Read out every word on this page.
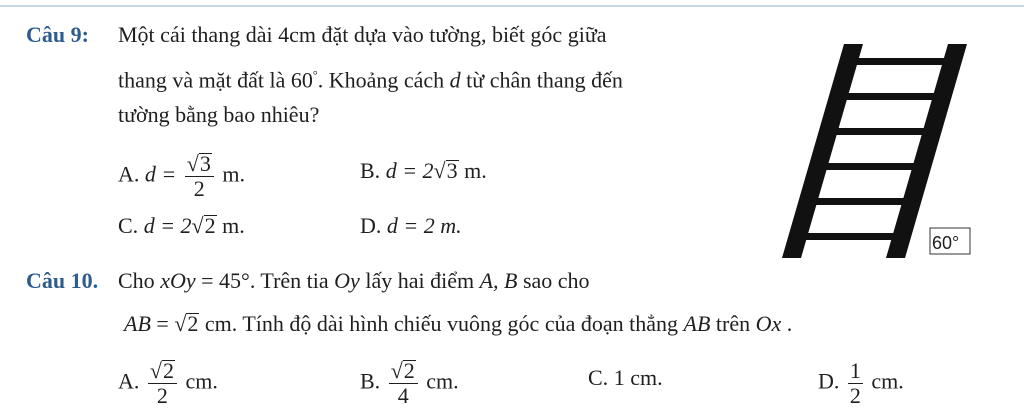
Câu 9: Một cái thang dài 4cm đặt dựa vào tường, biết góc giữa
thang và mặt đất là 60°. Khoảng cách d từ chân thang đến
tường bằng bao nhiêu?
A. $d = \frac{√3}{2} m$.	B. d = 2√3 m.
C. d = 2√2 m.	D. d = 2 m.
60°
Câu 10. Cho xOy = 45°. Trên tia Oy lấy hai điểm A, B sao cho
AB = √2 cm. Tính độ dài hình chiếu vuông góc của đoạn thẳng AB trên Ox .
A. $\frac{√2}{2}$ cm.	B. $\frac{√2}{4}$ cm.	C. 1 cm.	D. $\frac{1}{2}$ cm.
